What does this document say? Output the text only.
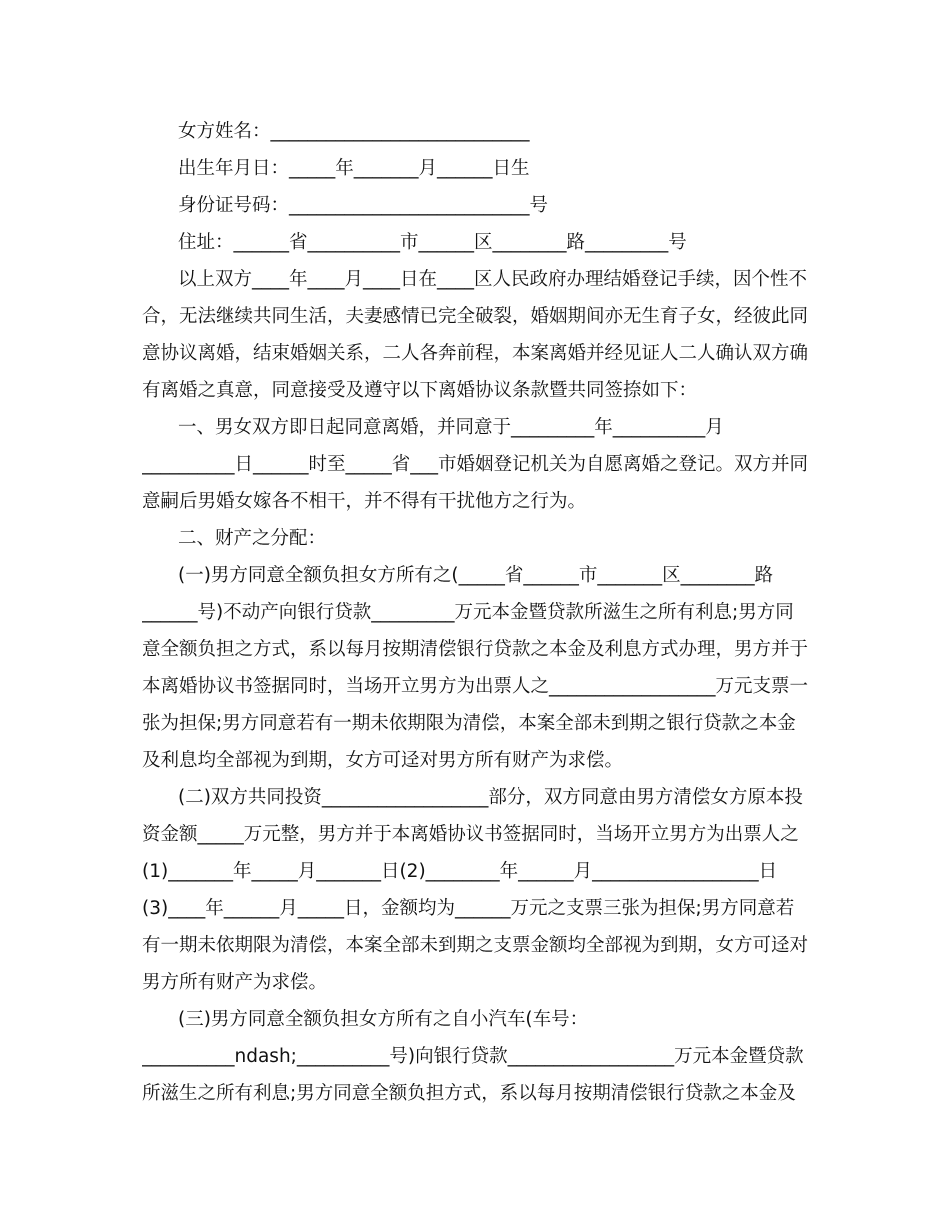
女方姓名：____________________________
出生年月日：_____年_______月______日生
身份证号码：__________________________号
住址：______省__________市______区________路_________号
以上双方____年____月____日在____区人民政府办理结婚登记手续，因个性不
合，无法继续共同生活，夫妻感情已完全破裂，婚姻期间亦无生育子女，经彼此同
意协议离婚，结束婚姻关系，二人各奔前程，本案离婚并经见证人二人确认双方确
有离婚之真意，同意接受及遵守以下离婚协议条款暨共同签捺如下：
一、男女双方即日起同意离婚，并同意于_________年__________月
__________日______时至_____省___市婚姻登记机关为自愿离婚之登记。双方并同
意嗣后男婚女嫁各不相干，并不得有干扰他方之行为。
二、财产之分配：
(一)男方同意全额负担女方所有之(_____省______市_______区________路
______号)不动产向银行贷款_________万元本金暨贷款所滋生之所有利息;男方同
意全额负担之方式，系以每月按期清偿银行贷款之本金及利息方式办理，男方并于
本离婚协议书签据同时，当场开立男方为出票人之__________________万元支票一
张为担保;男方同意若有一期未依期限为清偿，本案全部未到期之银行贷款之本金
及利息均全部视为到期，女方可迳对男方所有财产为求偿。
(二)双方共同投资__________________部分，双方同意由男方清偿女方原本投
资金额_____万元整，男方并于本离婚协议书签据同时，当场开立男方为出票人之
(1)_______年_____月_______日(2)________年______月__________________日
(3)____年______月_____日，金额均为______万元之支票三张为担保;男方同意若
有一期未依期限为清偿，本案全部未到期之支票金额均全部视为到期，女方可迳对
男方所有财产为求偿。
(三)男方同意全额负担女方所有之自小汽车(车号：
__________ndash;__________号)向银行贷款__________________万元本金暨贷款
所滋生之所有利息;男方同意全额负担方式，系以每月按期清偿银行贷款之本金及
